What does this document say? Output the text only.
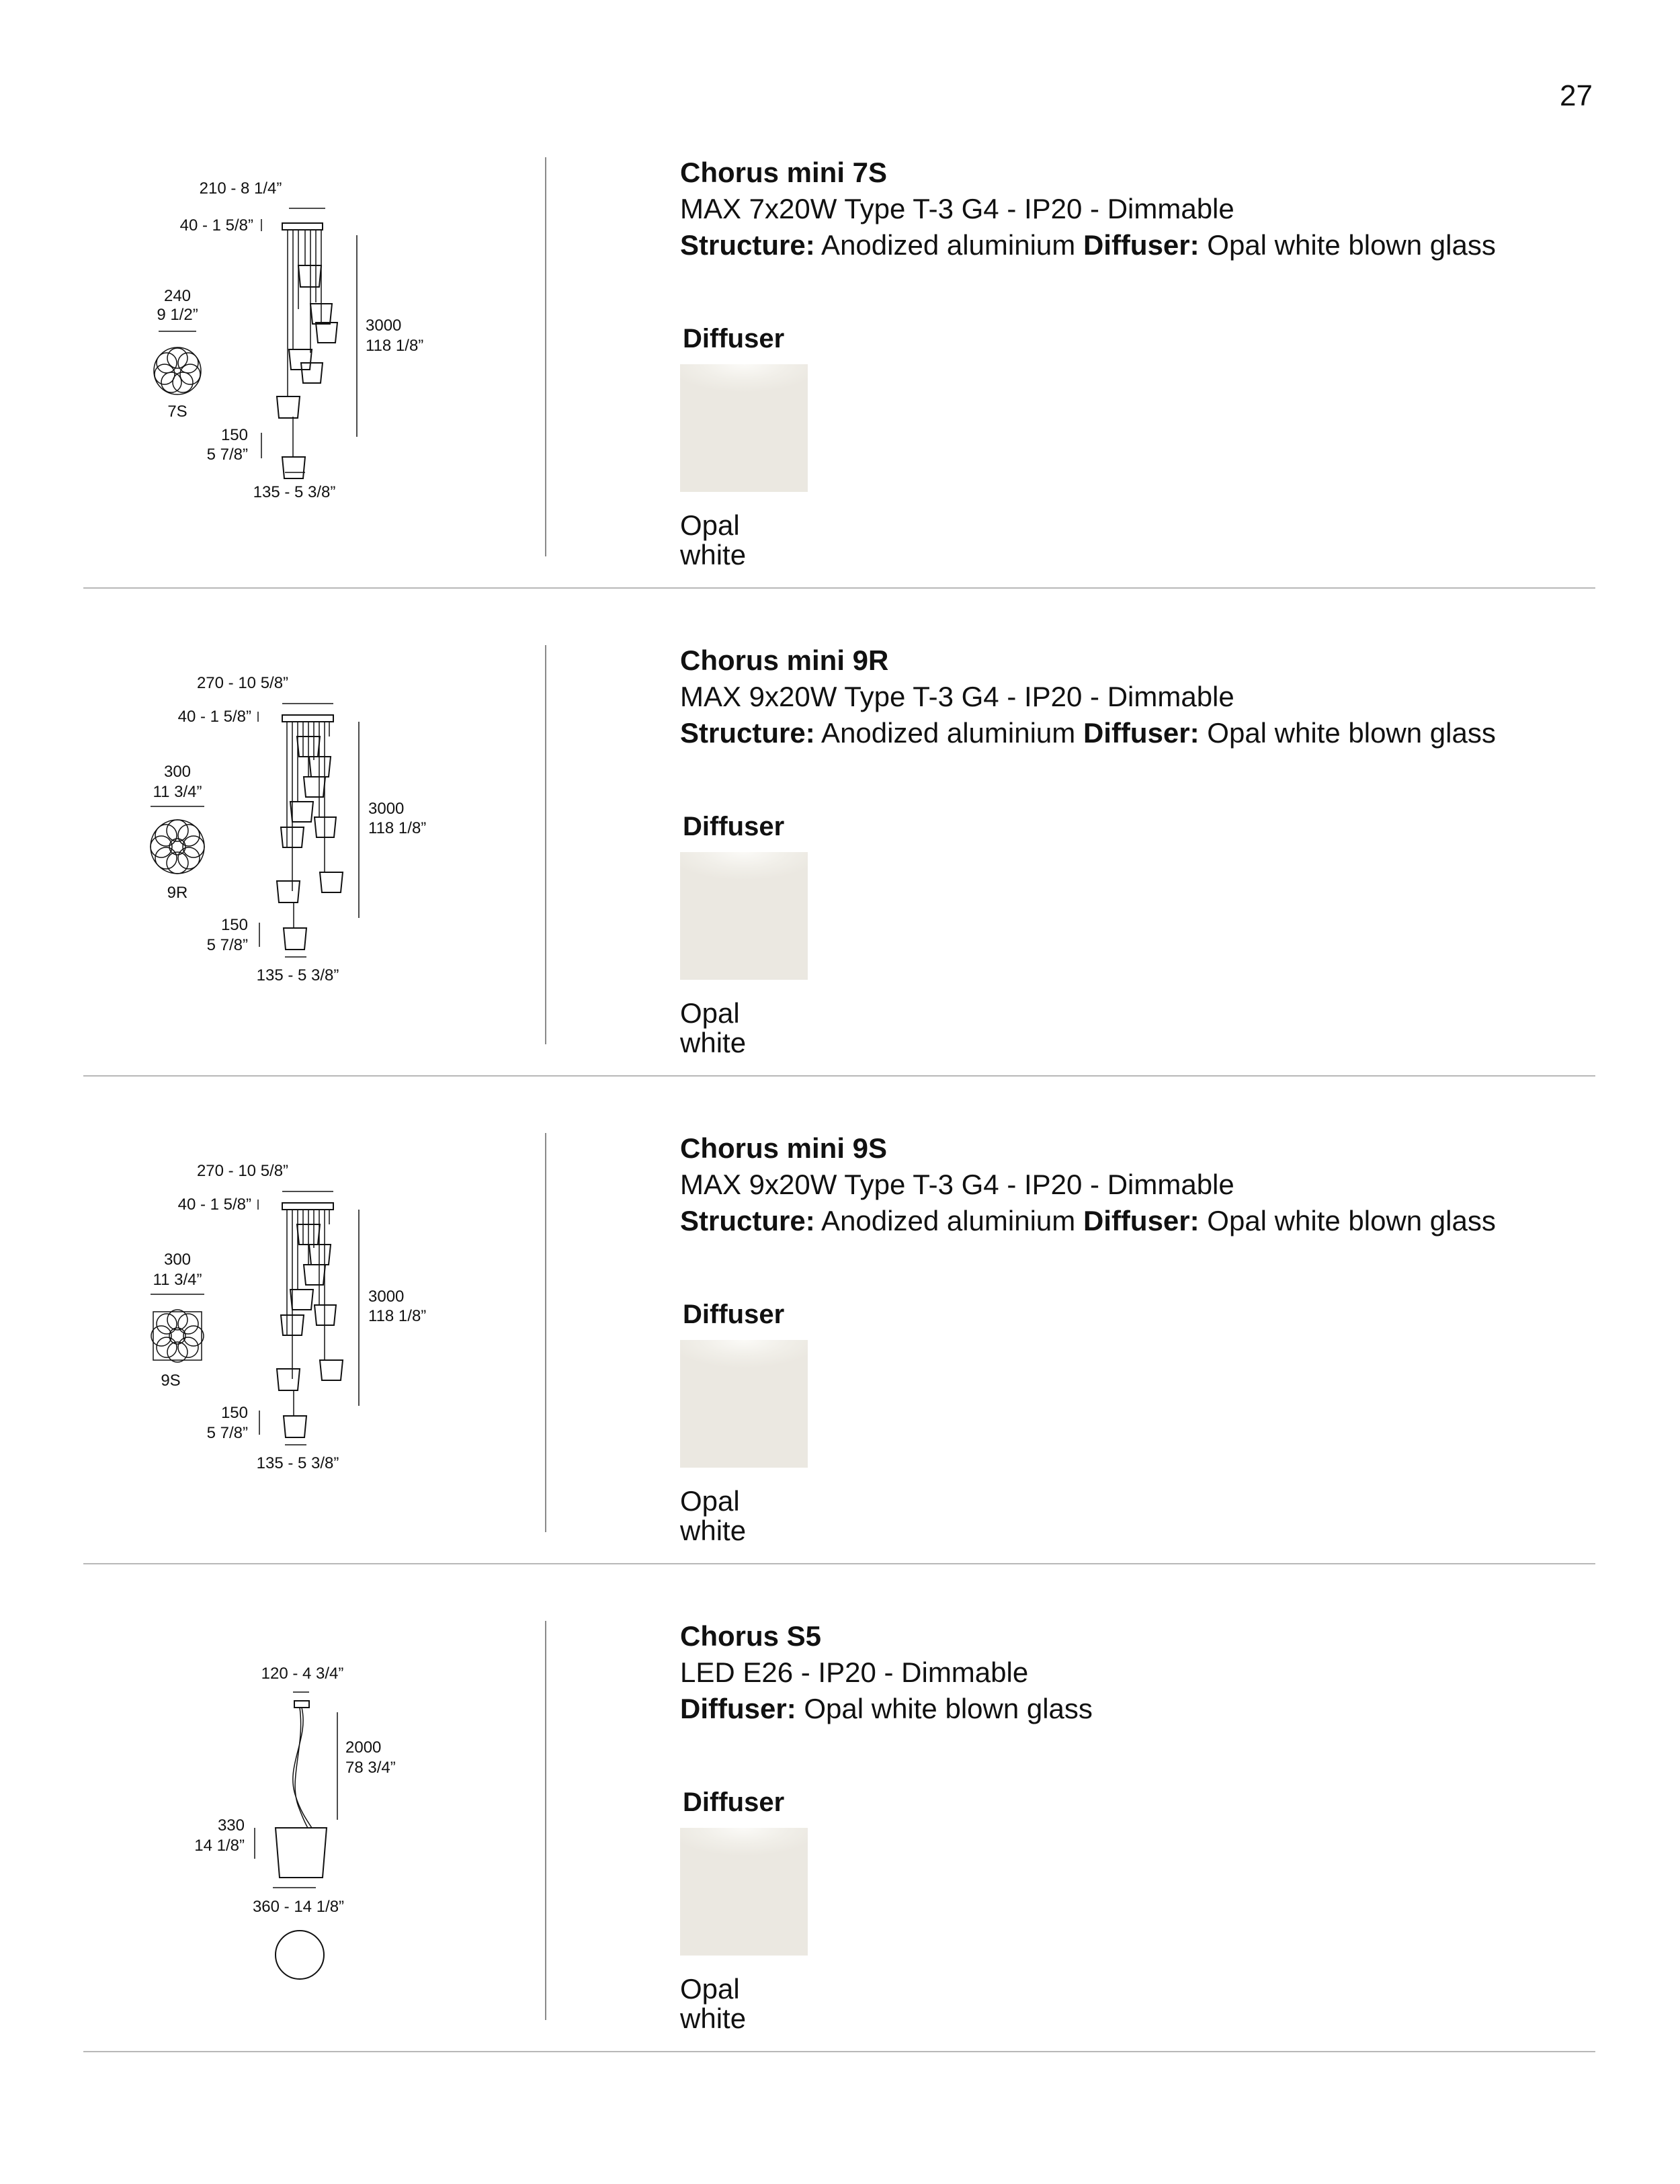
27
210 - 8 1/4”
40 - 1 5/8”
3000
118 1/8”
240
9 1/2”
7S
150
5 7/8”
135 - 5 3/8”
Chorus mini 7S
MAX 7x20W Type T-3 G4 - IP20 - Dimmable
Structure: Anodized aluminium Diffuser: Opal white blown glass
Diffuser
Opal white
270 - 10 5/8”
40 - 1 5/8”
3000
118 1/8”
300
11 3/4”
9R
150
5 7/8”
135 - 5 3/8”
Chorus mini 9R
MAX 9x20W Type T-3 G4 - IP20 - Dimmable
Structure: Anodized aluminium Diffuser: Opal white blown glass
Diffuser
Opal white
270 - 10 5/8”
40 - 1 5/8”
3000
118 1/8”
300
11 3/4”
9S
150
5 7/8”
135 - 5 3/8”
Chorus mini 9S
MAX 9x20W Type T-3 G4 - IP20 - Dimmable
Structure: Anodized aluminium Diffuser: Opal white blown glass
Diffuser
Opal white
120 - 4 3/4”
2000
78 3/4”
330
14 1/8”
360 - 14 1/8”
Chorus S5
LED E26 - IP20 - Dimmable
Diffuser: Opal white blown glass
Diffuser
Opal white
